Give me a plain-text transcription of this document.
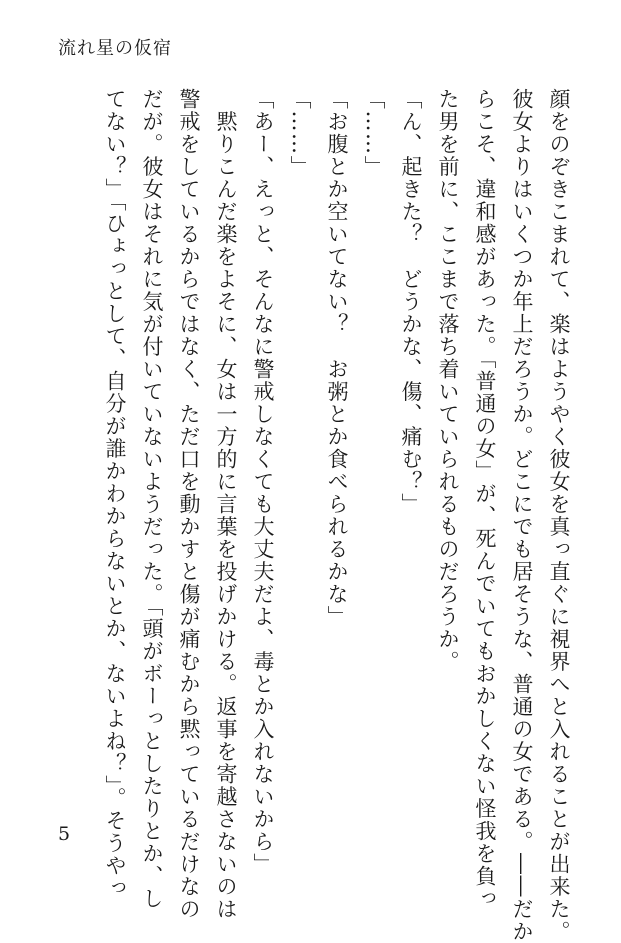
流れ星の仮宿

顔をのぞきこまれて、楽はようやく彼女を真っ直ぐに視界へと入れることが出来た。

彼女よりはいくつか年上だろうか。どこにでも居そうな、普通の女である。――だか

らこそ、違和感があった。「普通の女」が、死んでいてもおかしくない怪我を負っ

た男を前に、ここまで落ち着いていられるものだろうか。

「ん、起きた？　どうかな、傷、痛む？」

「……」

「お腹とか空いてない？　お粥とか食べられるかな」

「……」

「あー、えっと、そんなに警戒しなくても大丈夫だよ、毒とか入れないから」

　黙りこんだ楽をよそに、女は一方的に言葉を投げかける。返事を寄越さないのは

警戒をしているからではなく、ただ口を動かすと傷が痛むから黙っているだけなの

だが。彼女はそれに気が付いていないようだった。「頭がボーっとしたりとか、し

てない？」「ひょっとして、自分が誰かわからないとか、ないよね？」。そうやっ

5
